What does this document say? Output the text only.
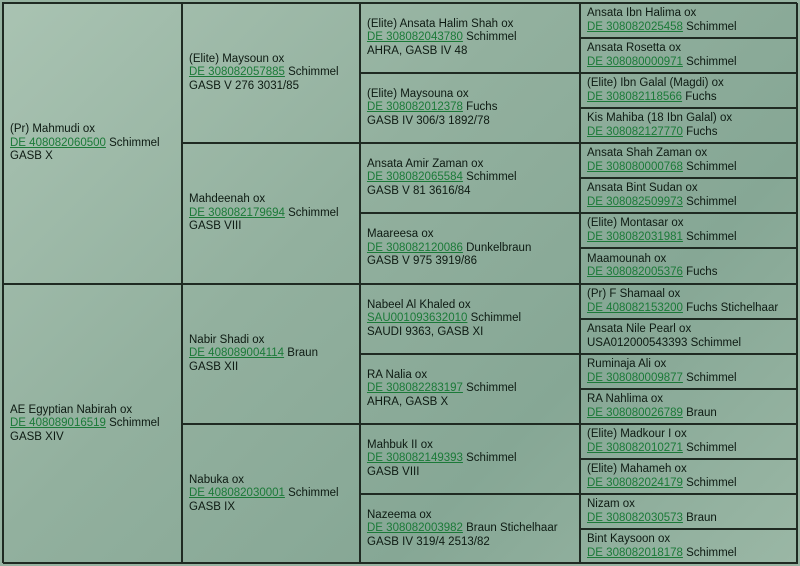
(Pr) Mahmudi ox
DE 408082060500 Schimmel
GASB X
AE Egyptian Nabirah ox
DE 408089016519 Schimmel
GASB XIV
(Elite) Maysoun ox
DE 308082057885 Schimmel
GASB V 276 3031/85
Mahdeenah ox
DE 308082179694 Schimmel
GASB VIII
Nabir Shadi ox
DE 408089004114 Braun
GASB XII
Nabuka ox
DE 408082030001 Schimmel
GASB IX
(Elite) Ansata Halim Shah ox
DE 308082043780 Schimmel
AHRA, GASB IV 48
(Elite) Maysouna ox
DE 308082012378 Fuchs
GASB IV 306/3 1892/78
Ansata Amir Zaman ox
DE 308082065584 Schimmel
GASB V 81 3616/84
Maareesa ox
DE 308082120086 Dunkelbraun
GASB V 975 3919/86
Nabeel Al Khaled ox
SAU001093632010 Schimmel
SAUDI 9363, GASB XI
RA Nalia ox
DE 308082283197 Schimmel
AHRA, GASB X
Mahbuk II ox
DE 308082149393 Schimmel
GASB VIII
Nazeema ox
DE 308082003982 Braun Stichelhaar
GASB IV 319/4 2513/82
Ansata Ibn Halima ox
DE 308082025458 Schimmel
Ansata Rosetta ox
DE 308080000971 Schimmel
(Elite) Ibn Galal (Magdi) ox
DE 308082118566 Fuchs
Kis Mahiba (18 Ibn Galal) ox
DE 308082127770 Fuchs
Ansata Shah Zaman ox
DE 308080000768 Schimmel
Ansata Bint Sudan ox
DE 308082509973 Schimmel
(Elite) Montasar ox
DE 308082031981 Schimmel
Maamounah ox
DE 308082005376 Fuchs
(Pr) F Shamaal ox
DE 408082153200 Fuchs Stichelhaar
Ansata Nile Pearl ox
USA012000543393 Schimmel
Ruminaja Ali ox
DE 308080009877 Schimmel
RA Nahlima ox
DE 308080026789 Braun
(Elite) Madkour I ox
DE 308082010271 Schimmel
(Elite) Mahameh ox
DE 308082024179 Schimmel
Nizam ox
DE 308082030573 Braun
Bint Kaysoon ox
DE 308082018178 Schimmel
